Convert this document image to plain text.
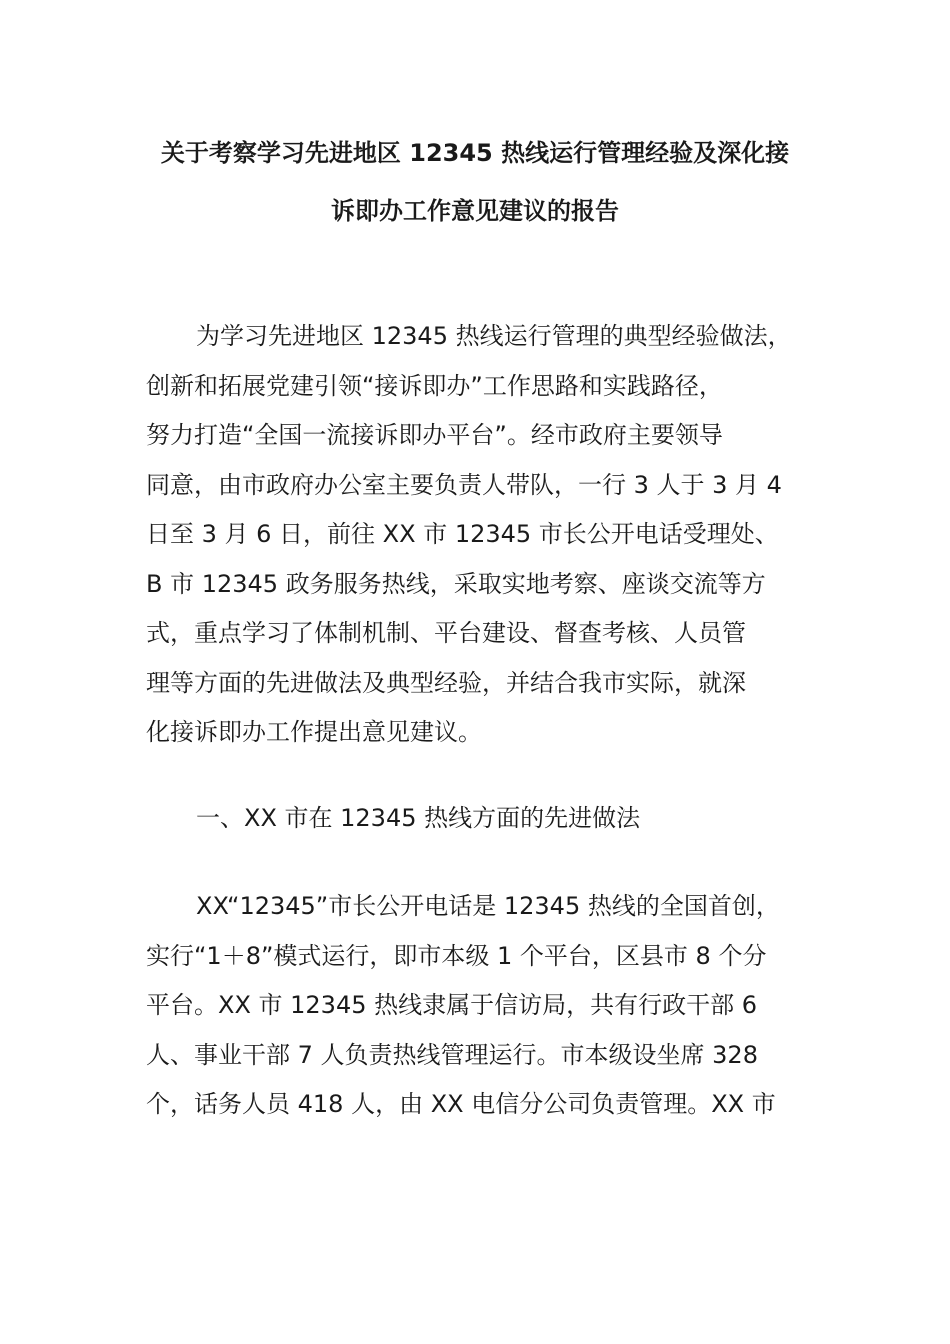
关于考察学习先进地区 12345 热线运行管理经验及深化接
诉即办工作意见建议的报告
为学习先进地区 12345 热线运行管理的典型经验做法，
创新和拓展党建引领“接诉即办”工作思路和实践路径，
努力打造“全国一流接诉即办平台”。经市政府主要领导
同意，由市政府办公室主要负责人带队，一行 3 人于 3 月 4
日至 3 月 6 日，前往 XX 市 12345 市长公开电话受理处、
B 市 12345 政务服务热线，采取实地考察、座谈交流等方
式，重点学习了体制机制、平台建设、督查考核、人员管
理等方面的先进做法及典型经验，并结合我市实际，就深
化接诉即办工作提出意见建议。
一、XX 市在 12345 热线方面的先进做法
XX“12345”市长公开电话是 12345 热线的全国首创，
实行“1＋8”模式运行，即市本级 1 个平台，区县市 8 个分
平台。XX 市 12345 热线隶属于信访局，共有行政干部 6
人、事业干部 7 人负责热线管理运行。市本级设坐席 328
个，话务人员 418 人，由 XX 电信分公司负责管理。XX 市
